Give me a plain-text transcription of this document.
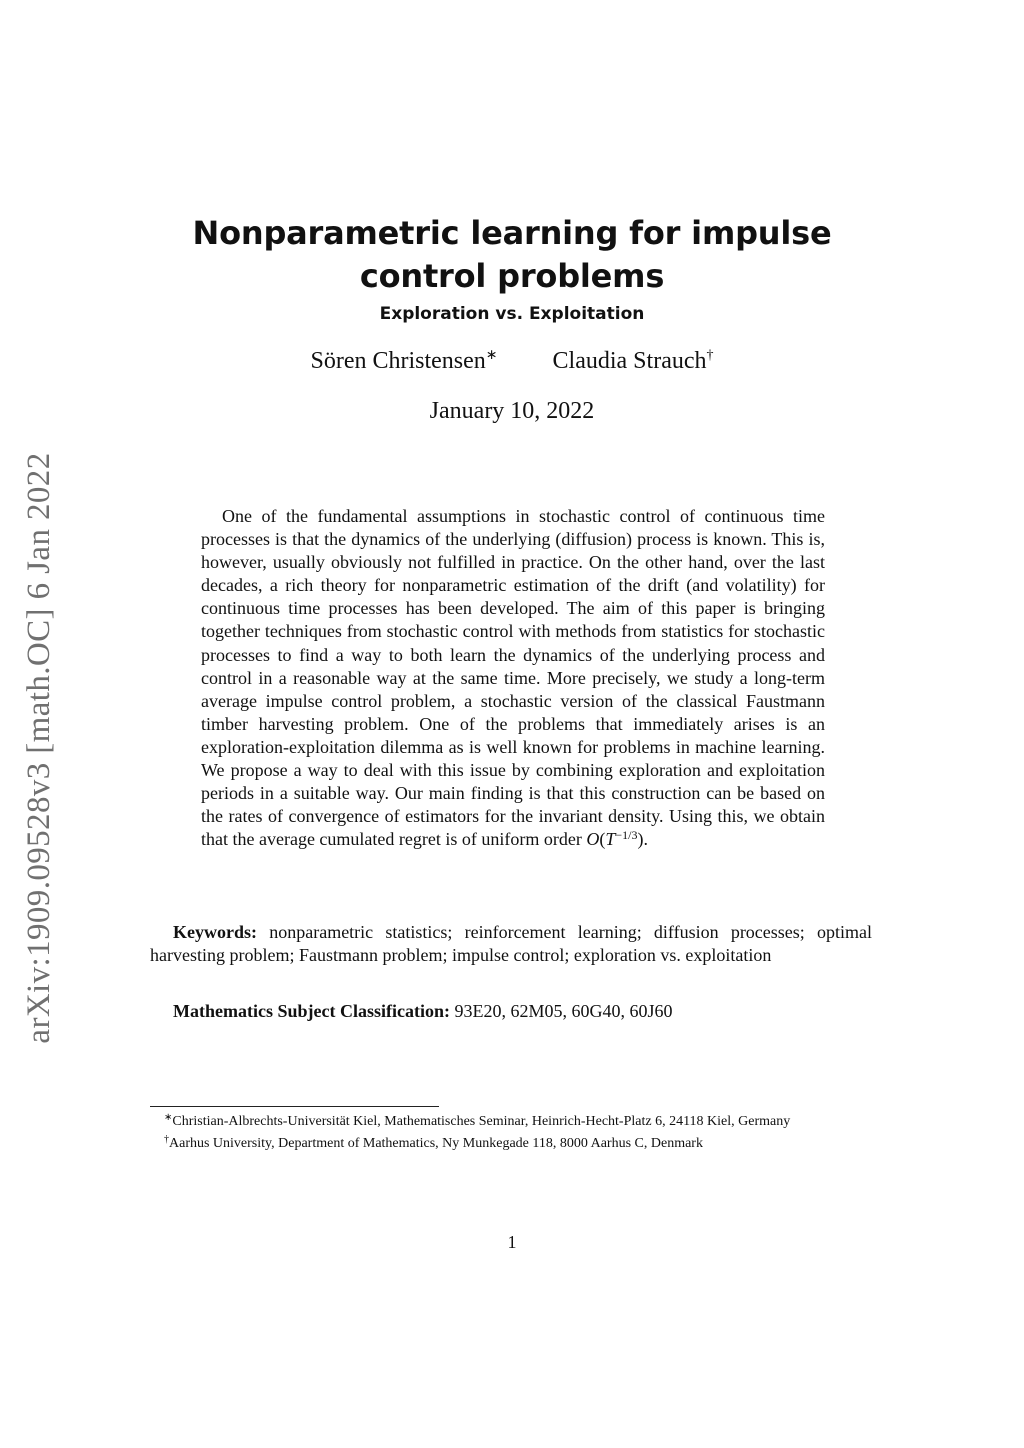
arXiv:1909.09528v3 [math.OC] 6 Jan 2022
Nonparametric learning for impulse control problems
Exploration vs. Exploitation
Sören Christensen∗ Claudia Strauch†
January 10, 2022

One of the fundamental assumptions in stochastic control of continuous time processes is that the dynamics of the underlying (diffusion) process is known. This is, however, usually obviously not fulfilled in practice. On the other hand, over the last decades, a rich theory for nonparametric estimation of the drift (and volatility) for continuous time processes has been developed. The aim of this paper is bringing together techniques from stochastic control with methods from statistics for stochastic processes to find a way to both learn the dynamics of the underlying process and control in a reasonable way at the same time. More precisely, we study a long-term average impulse control problem, a stochastic version of the classical Faustmann timber harvesting problem. One of the problems that immediately arises is an exploration-exploitation dilemma as is well known for problems in machine learning. We propose a way to deal with this issue by combining exploration and exploitation periods in a suitable way. Our main finding is that this construction can be based on the rates of convergence of estimators for the invariant density. Using this, we obtain that the average cumulated regret is of uniform order $O(T^{-1/3})$.

Keywords: nonparametric statistics; reinforcement learning; diffusion processes; optimal harvesting problem; Faustmann problem; impulse control; exploration vs. exploitation

Mathematics Subject Classification: 93E20, 62M05, 60G40, 60J60

∗Christian-Albrechts-Universität Kiel, Mathematisches Seminar, Heinrich-Hecht-Platz 6, 24118 Kiel, Germany

†Aarhus University, Department of Mathematics, Ny Munkegade 118, 8000 Aarhus C, Denmark

1
